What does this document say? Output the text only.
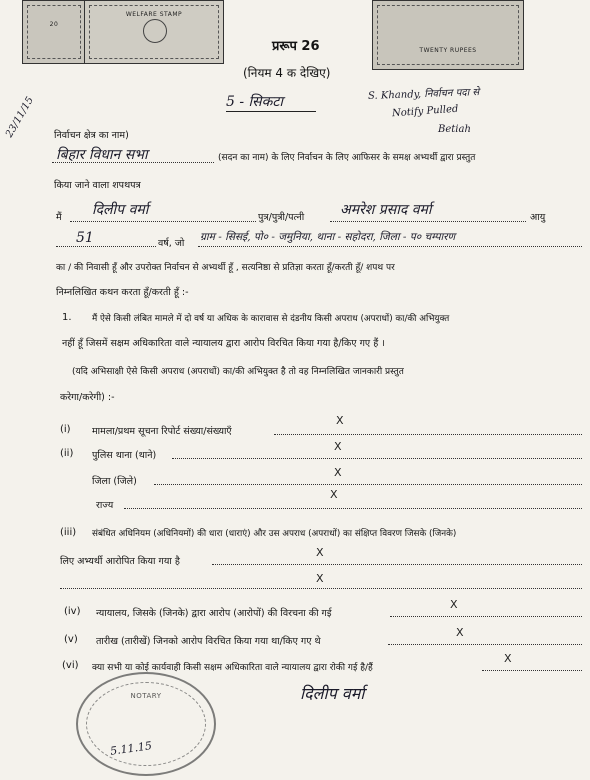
20
WELFARE STAMP
TWENTY RUPEES
प्ररूप 26
(नियम 4 क देखिए)
5 - सिकटा	S. Khandy, निर्वाचन पदा से
Notify Pulled
Betiah
23/11/15 निर्वाचन क्षेत्र का नाम)
बिहार विधान सभा	(सदन का नाम) के लिए निर्वाचन के लिए आफिसर के समक्ष अभ्यर्थी द्वारा प्रस्तुत
किया जाने वाला शपथपत्र
मैं दिलीप वर्मा	पुत्र/पुत्री/पत्नी	अमरेश प्रसाद वर्मा	आयु
51	वर्ष, जो
ग्राम - सिसई, पो० - जमुनिया, थाना - सहोदरा, जिला - प० चम्पारण
का / की निवासी हूँ और उपरोक्त निर्वाचन से अभ्यर्थी हूँ , सत्यनिष्ठा से प्रतिज्ञा करता हूँ/करती हूँ/ शपथ पर
निम्नलिखित कथन करता हूँ/करती हूँ :-
1. मैं ऐसे किसी लंबित मामले में दो वर्ष या अधिक के कारावास से दंडनीय किसी अपराध (अपराधों) का/की अभियुक्त
नहीं हूँ जिसमें सक्षम अधिकारिता वाले न्यायालय द्वारा आरोप विरचित किया गया है/किए गए हैं ।
(यदि अभिसाक्षी ऐसे किसी अपराध (अपराधों) का/की अभियुक्त है तो वह निम्नलिखित जानकारी प्रस्तुत
करेगा/करेगी) :-
(i) मामला/प्रथम सूचना रिपोर्ट संख्या/संख्याएँ
X
(ii) पुलिस थाना (थाने)
X
जिला (जिले)
X
राज्य
X
(iii) संबंधित अधिनियम (अधिनियमों) की धारा (धाराएं) और उस अपराध (अपराधों) का संक्षिप्त विवरण जिसके (जिनके)
लिए अभ्यर्थी आरोपित किया गया है
X
X
(iv) न्यायालय, जिसके (जिनके) द्वारा आरोप (आरोपों) की विरचना की गई
X
(v) तारीख (तारीखें) जिनको आरोप विरचित किया गया था/किए गए थे
X
(vi) क्या सभी या कोई कार्यवाही किसी सक्षम अधिकारिता वाले न्यायालय द्वारा रोकी गई है/हैं
X
NOTARY
5.11.15
दिलीप वर्मा
